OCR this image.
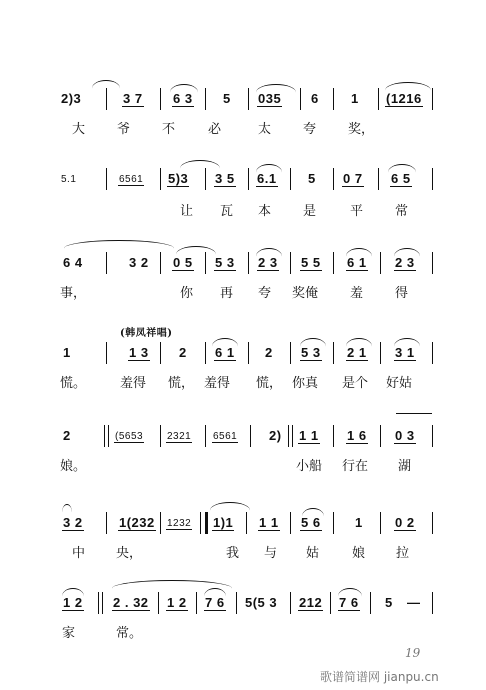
2)3	3 7 6 3 5 035 6 1 (1216
大 爷 不	必	太 夸 奖，
5.1	6561 5)3 3 5 6.1 5 0 7 6 5
让 瓦 本 是	平 常
6 4	3 2 0 5 5 3 2 3 5 5 6 1 2 3
事，	你 再 夸 奖俺 羞 得
(韩凤祥唱)
1	1 3 2 6 1 2 5 3 2 1 3 1
慌。	羞得 慌， 羞得 慌， 你真 是个 好姑
2	(5653 2321 6561 2) 1 1 1 6 0 3
娘。	小船 行在 湖
3 2	1(232 1232 1)1 1 1 5 6	1 0 2
中 央，	我 与 姑	娘 拉
1 2 2 . 32 1 2 7 6 5(5 3 212 7 6 5 —
家	常。
19
歌谱简谱网 jianpu.cn
